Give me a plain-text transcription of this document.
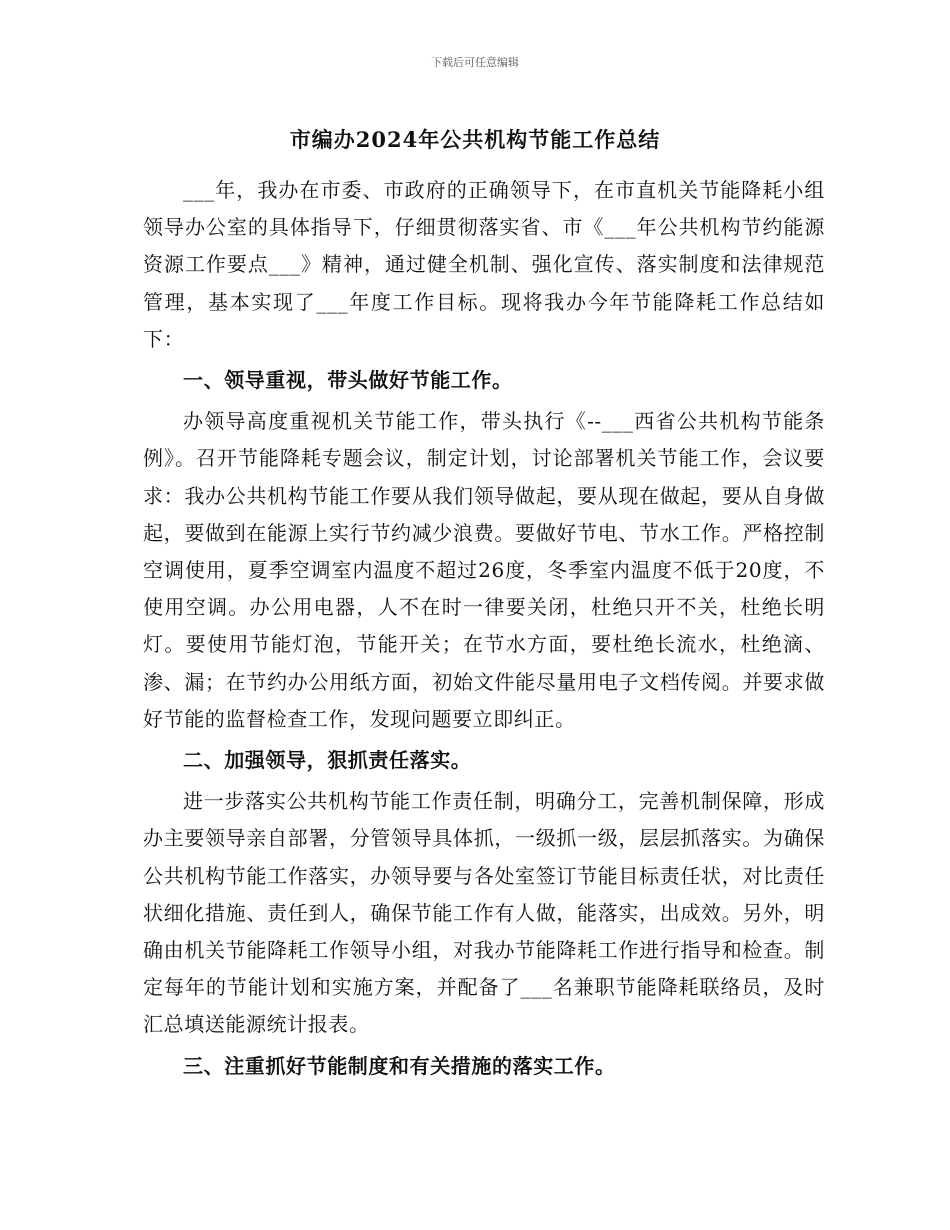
下载后可任意编辑
市编办2024年公共机构节能工作总结

___年，我办在市委、市政府的正确领导下，在市直机关节能降耗小组领导办公室的具体指导下，仔细贯彻落实省、市《___年公共机构节约能源资源工作要点___》精神，通过健全机制、强化宣传、落实制度和法律规范管理，基本实现了___年度工作目标。现将我办今年节能降耗工作总结如下：

一、领导重视，带头做好节能工作。

办领导高度重视机关节能工作，带头执行《--___西省公共机构节能条例》。召开节能降耗专题会议，制定计划，讨论部署机关节能工作，会议要求：我办公共机构节能工作要从我们领导做起，要从现在做起，要从自身做起，要做到在能源上实行节约减少浪费。要做好节电、节水工作。严格控制空调使用，夏季空调室内温度不超过26度，冬季室内温度不低于20度，不使用空调。办公用电器，人不在时一律要关闭，杜绝只开不关，杜绝长明灯。要使用节能灯泡，节能开关；在节水方面，要杜绝长流水，杜绝滴、渗、漏；在节约办公用纸方面，初始文件能尽量用电子文档传阅。并要求做好节能的监督检查工作，发现问题要立即纠正。

二、加强领导，狠抓责任落实。

进一步落实公共机构节能工作责任制，明确分工，完善机制保障，形成办主要领导亲自部署，分管领导具体抓，一级抓一级，层层抓落实。为确保公共机构节能工作落实，办领导要与各处室签订节能目标责任状，对比责任状细化措施、责任到人，确保节能工作有人做，能落实，出成效。另外，明确由机关节能降耗工作领导小组，对我办节能降耗工作进行指导和检查。制定每年的节能计划和实施方案，并配备了___名兼职节能降耗联络员，及时汇总填送能源统计报表。

三、注重抓好节能制度和有关措施的落实工作。
